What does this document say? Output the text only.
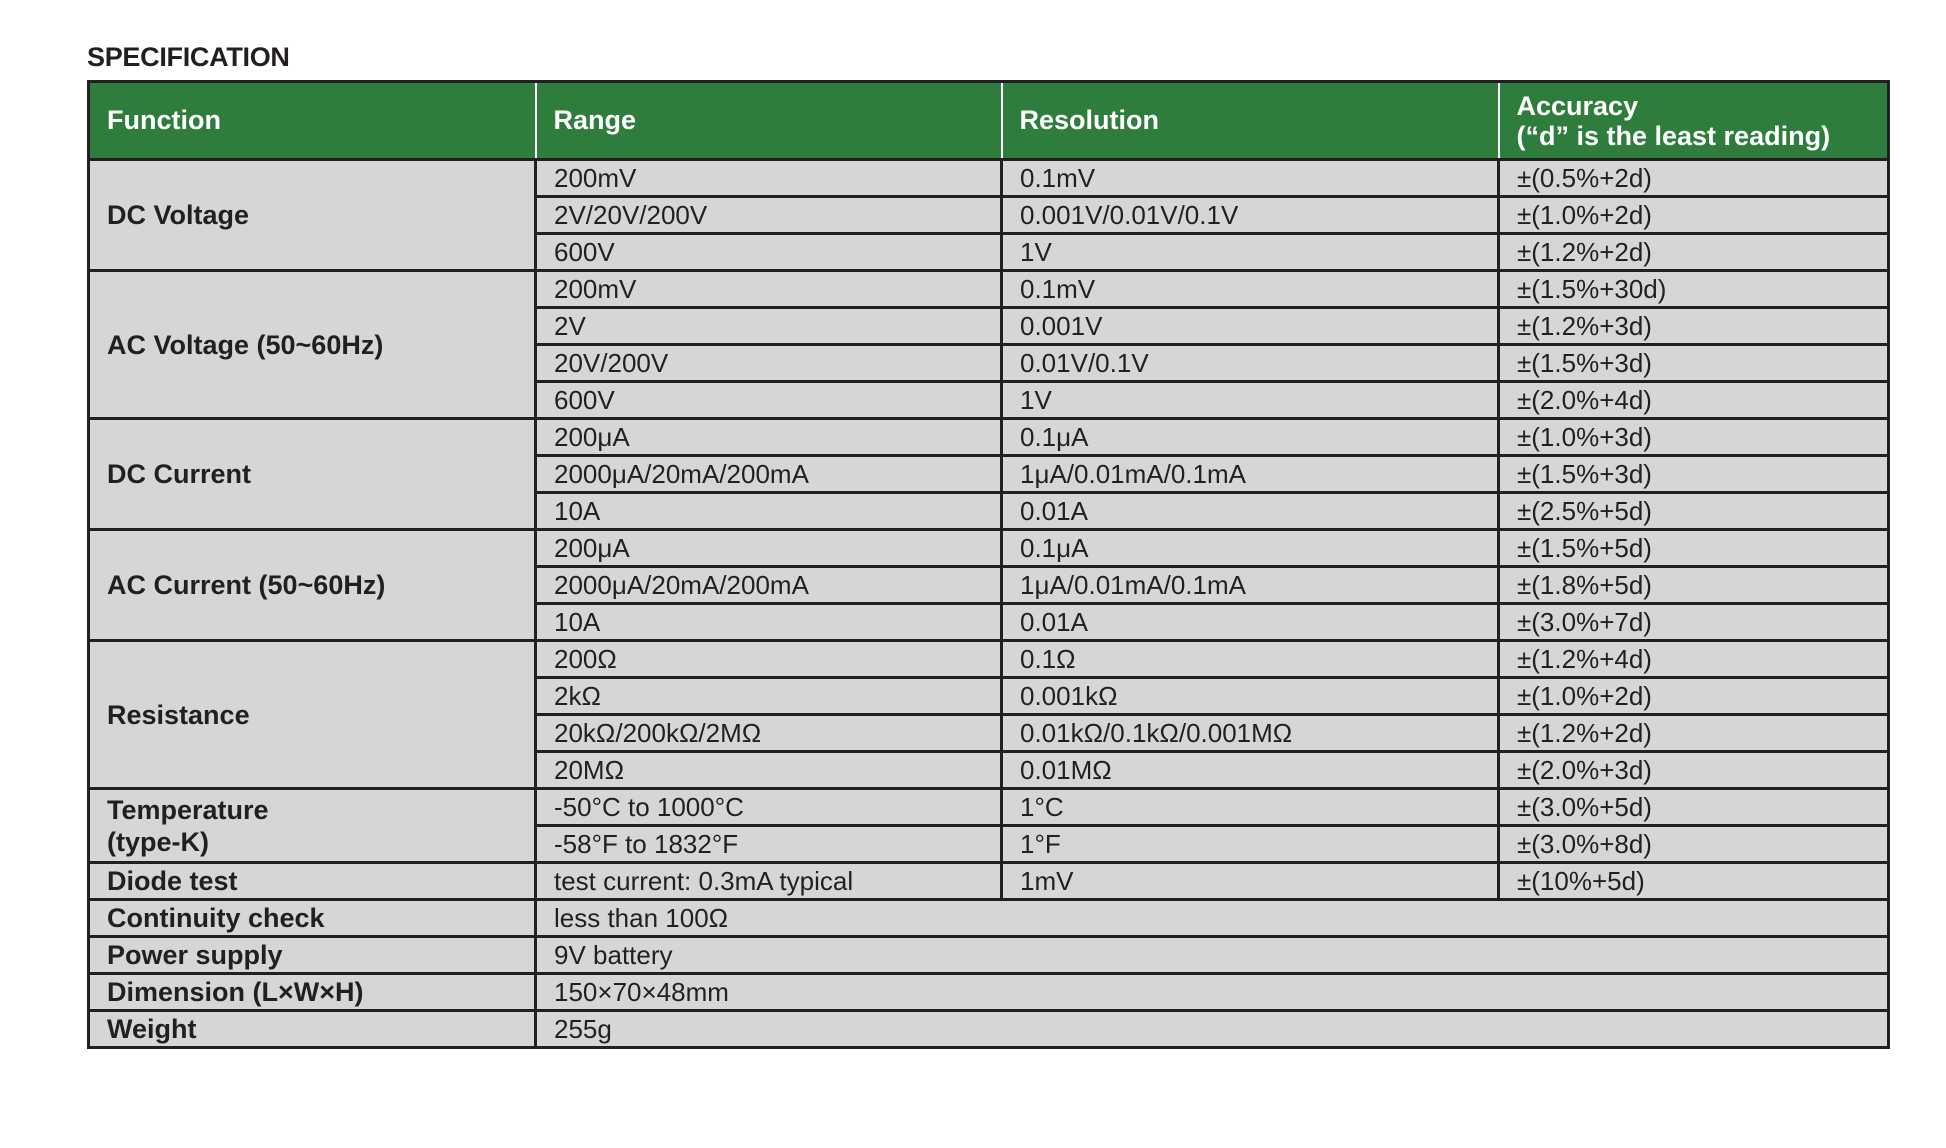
SPECIFICATION
Function	Range	Resolution	Accuracy
(“d” is the least reading)

DC Voltage	200mV	0.1mV	±(0.5%+2d)
	2V/20V/200V	0.001V/0.01V/0.1V	±(1.0%+2d)
	600V	1V	±(1.2%+2d)
AC Voltage (50~60Hz)	200mV	0.1mV	±(1.5%+30d)
	2V	0.001V	±(1.2%+3d)
	20V/200V	0.01V/0.1V	±(1.5%+3d)
	600V	1V	±(2.0%+4d)
DC Current	200μA	0.1μA	±(1.0%+3d)
	2000μA/20mA/200mA	1μA/0.01mA/0.1mA	±(1.5%+3d)
	10A	0.01A	±(2.5%+5d)
AC Current (50~60Hz)	200μA	0.1μA	±(1.5%+5d)
	2000μA/20mA/200mA	1μA/0.01mA/0.1mA	±(1.8%+5d)
	10A	0.01A	±(3.0%+7d)
Resistance	200Ω	0.1Ω	±(1.2%+4d)
	2kΩ	0.001kΩ	±(1.0%+2d)
	20kΩ/200kΩ/2MΩ	0.01kΩ/0.1kΩ/0.001MΩ	±(1.2%+2d)
	20MΩ	0.01MΩ	±(2.0%+3d)

Temperature
(type-K)	-50°C to 1000°C	1°C	±(3.0%+5d)
	-58°F to 1832°F	1°F	±(3.0%+8d)
Diode test	test current: 0.3mA typical	1mV	±(10%+5d)
Continuity check	less than 100Ω		
Power supply	9V battery		
Dimension (L×W×H)	150×70×48mm		
Weight	255g		
